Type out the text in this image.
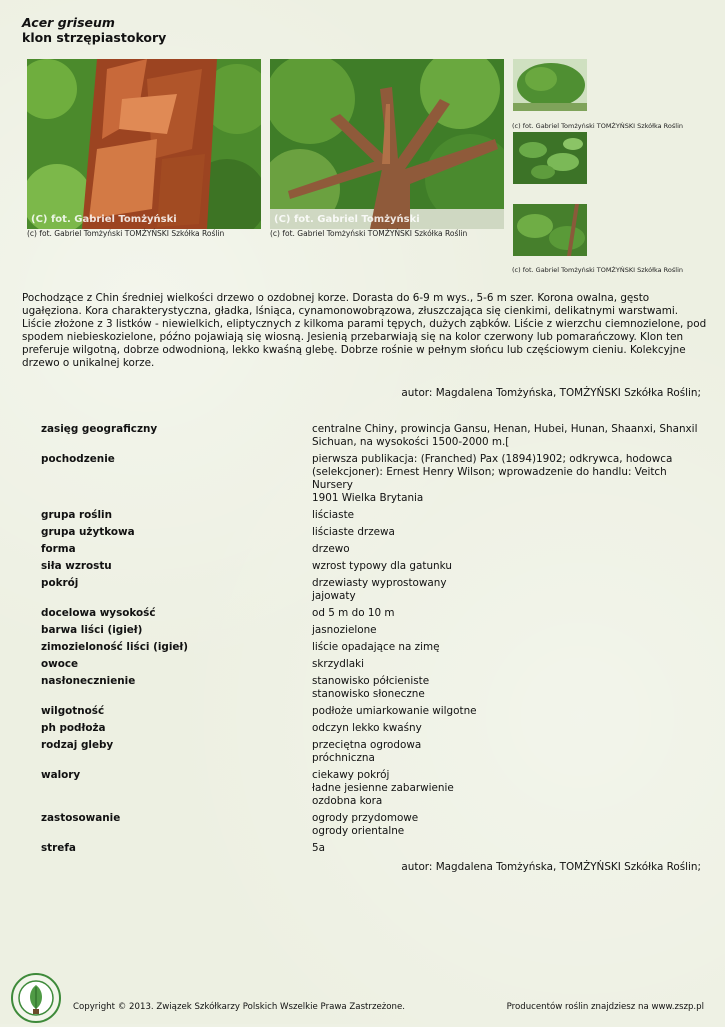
Acer griseum
klon strzępiastokory
(C) fot. Gabriel Tomżyński
(c) fot. Gabriel Tomżyński TOMŻYŃSKI Szkółka Roślin
(C) fot. Gabriel Tomżyński
(c) fot. Gabriel Tomżyński TOMŻYŃSKI Szkółka Roślin
(c) fot. Gabriel Tomżyński TOMŻYŃSKI Szkółka Roślin
(c) fot. Gabriel Tomżyński TOMŻYŃSKI Szkółka Roślin
Pochodzące z Chin średniej wielkości drzewo o ozdobnej korze. Dorasta do 6-9 m wys., 5-6 m szer. Korona owalna, gęsto ugałęziona. Kora charakterystyczna, gładka, lśniąca, cynamonowobrązowa, złuszczająca się cienkimi, delikatnymi warstwami. Liście złożone z 3 listków - niewielkich, eliptycznych z kilkoma parami tępych, dużych ząbków. Liście z wierzchu ciemnozielone, pod spodem niebieskozielone, późno pojawiają się wiosną. Jesienią przebarwiają się na kolor czerwony lub pomarańczowy. Klon ten preferuje wilgotną, dobrze odwodnioną, lekko kwaśną glebę. Dobrze rośnie w pełnym słońcu lub częściowym cieniu. Kolekcyjne drzewo o unikalnej korze.
autor: Magdalena Tomżyńska, TOMŻYŃSKI Szkółka Roślin;
zasięg geograficzny	centralne Chiny, prowincja Gansu, Henan, Hubei, Hunan, Shaanxi, Shanxil
Sichuan, na wysokości 1500-2000 m.[
pochodzenie	pierwsza publikacja: (Franched) Pax (1894)1902; odkrywca, hodowca
(selekcjoner): Ernest Henry Wilson; wprowadzenie do handlu: Veitch Nursery
1901 Wielka Brytania
grupa roślin	liściaste
grupa użytkowa	liściaste drzewa
forma	drzewo
siła wzrostu	wzrost typowy dla gatunku
pokrój	drzewiasty wyprostowany
jajowaty
docelowa wysokość	od 5 m do 10 m
barwa liści (igieł)	jasnozielone
zimozieloność liści (igieł)	liście opadające na zimę
owoce	skrzydlaki
nasłonecznienie	stanowisko półcieniste
stanowisko słoneczne
wilgotność	podłoże umiarkowanie wilgotne
ph podłoża	odczyn lekko kwaśny
rodzaj gleby	przeciętna ogrodowa
próchniczna
walory	ciekawy pokrój
ładne jesienne zabarwienie
ozdobna kora
zastosowanie	ogrody przydomowe
ogrody orientalne
strefa	5a
autor: Magdalena Tomżyńska, TOMŻYŃSKI Szkółka Roślin;
Copyright © 2013. Związek Szkółkarzy Polskich Wszelkie Prawa Zastrzeżone.	Producentów roślin znajdziesz na www.zszp.pl
